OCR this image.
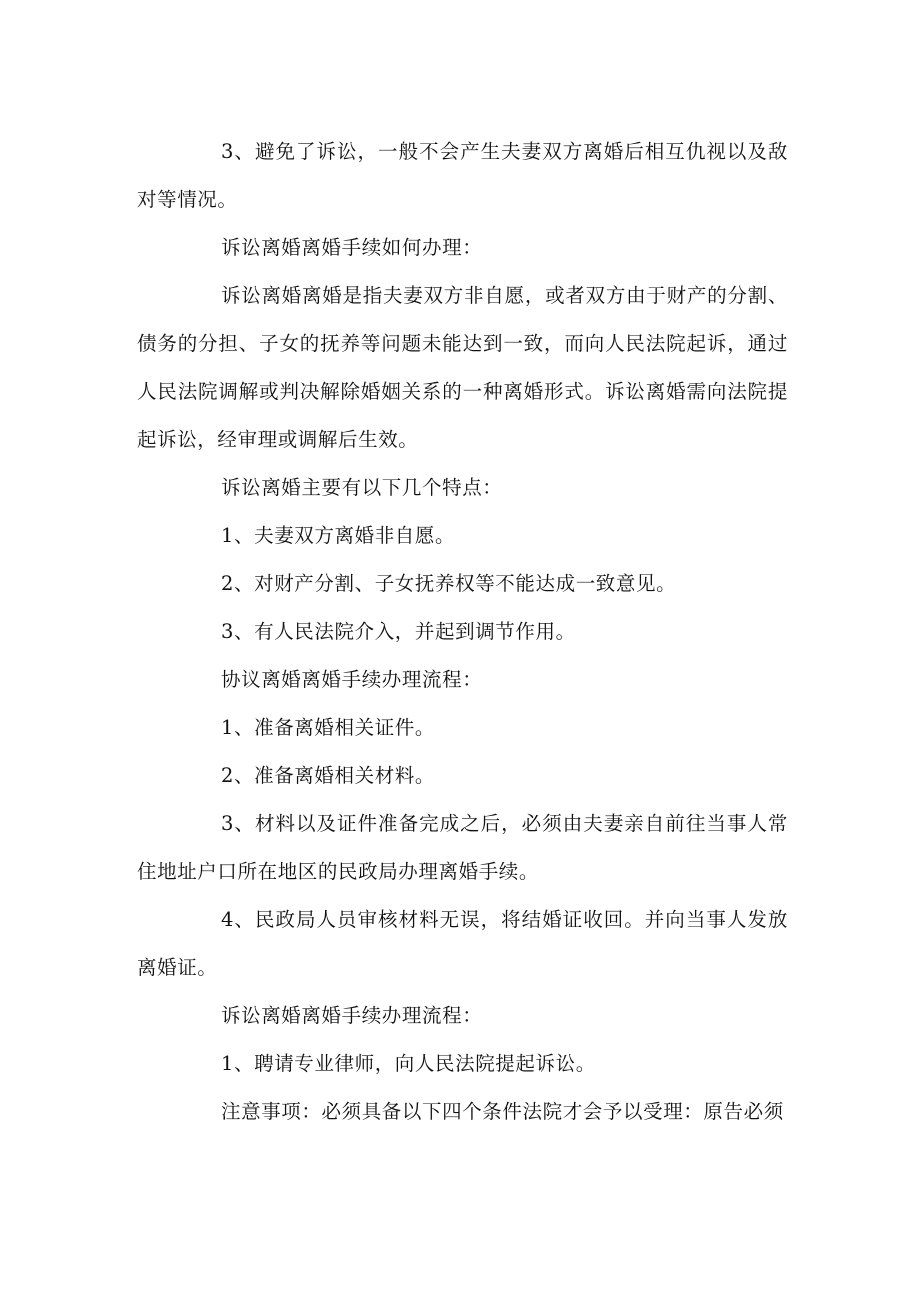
3、避免了诉讼，一般不会产生夫妻双方离婚后相互仇视以及敌对等情况。

诉讼离婚离婚手续如何办理：

诉讼离婚离婚是指夫妻双方非自愿，或者双方由于财产的分割、债务的分担、子女的抚养等问题未能达到一致，而向人民法院起诉，通过人民法院调解或判决解除婚姻关系的一种离婚形式。诉讼离婚需向法院提起诉讼，经审理或调解后生效。

诉讼离婚主要有以下几个特点：

1、夫妻双方离婚非自愿。

2、对财产分割、子女抚养权等不能达成一致意见。

3、有人民法院介入，并起到调节作用。

协议离婚离婚手续办理流程：

1、准备离婚相关证件。

2、准备离婚相关材料。

3、材料以及证件准备完成之后，必须由夫妻亲自前往当事人常住地址户口所在地区的民政局办理离婚手续。

4、民政局人员审核材料无误，将结婚证收回。并向当事人发放离婚证。

诉讼离婚离婚手续办理流程：

1、聘请专业律师，向人民法院提起诉讼。

注意事项：必须具备以下四个条件法院才会予以受理：原告必须
